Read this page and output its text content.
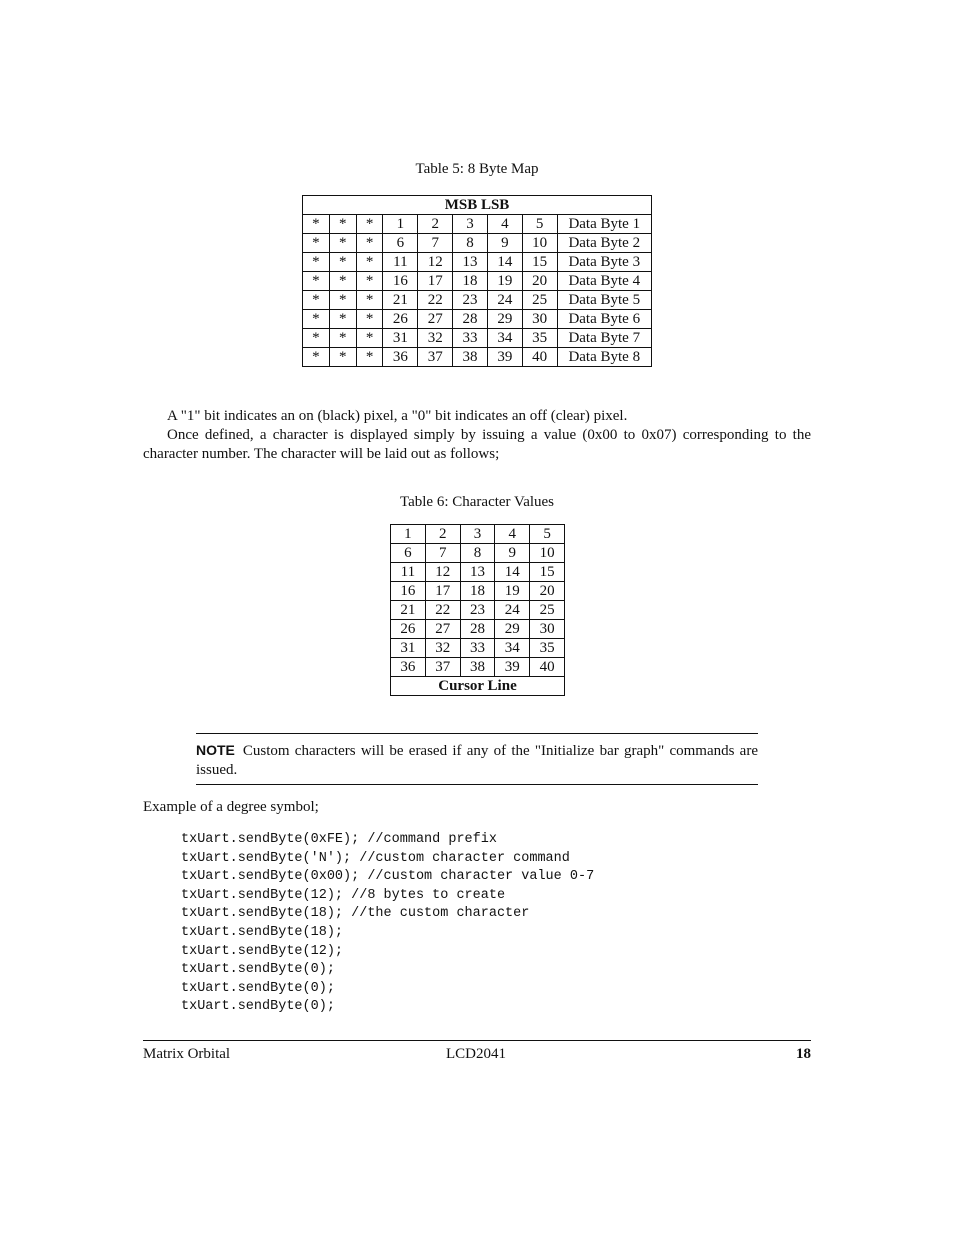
Table 5: 8 Byte Map
MSB LSB								
*	*	*	1	2	3	4	5	Data Byte 1
*	*	*	6	7	8	9	10	Data Byte 2
*	*	*	11	12	13	14	15	Data Byte 3
*	*	*	16	17	18	19	20	Data Byte 4
*	*	*	21	22	23	24	25	Data Byte 5
*	*	*	26	27	28	29	30	Data Byte 6
*	*	*	31	32	33	34	35	Data Byte 7
*	*	*	36	37	38	39	40	Data Byte 8
A "1" bit indicates an on (black) pixel, a "0" bit indicates an off (clear) pixel.
Once defined, a character is displayed simply by issuing a value (0x00 to 0x07) corresponding to the character number. The character will be laid out as follows;
Table 6: Character Values
1	2	3	4	5
6	7	8	9	10
11	12	13	14	15
16	17	18	19	20
21	22	23	24	25
26	27	28	29	30
31	32	33	34	35
36	37	38	39	40
Cursor Line				
NOTE Custom characters will be erased if any of the "Initialize bar graph" commands are issued.
Example of a degree symbol;
txUart.sendByte(0xFE); //command prefix
txUart.sendByte('N'); //custom character command
txUart.sendByte(0x00); //custom character value 0-7
txUart.sendByte(12); //8 bytes to create
txUart.sendByte(18); //the custom character
txUart.sendByte(18);
txUart.sendByte(12);
txUart.sendByte(0);
txUart.sendByte(0);
txUart.sendByte(0);
Matrix Orbital	LCD2041	18
